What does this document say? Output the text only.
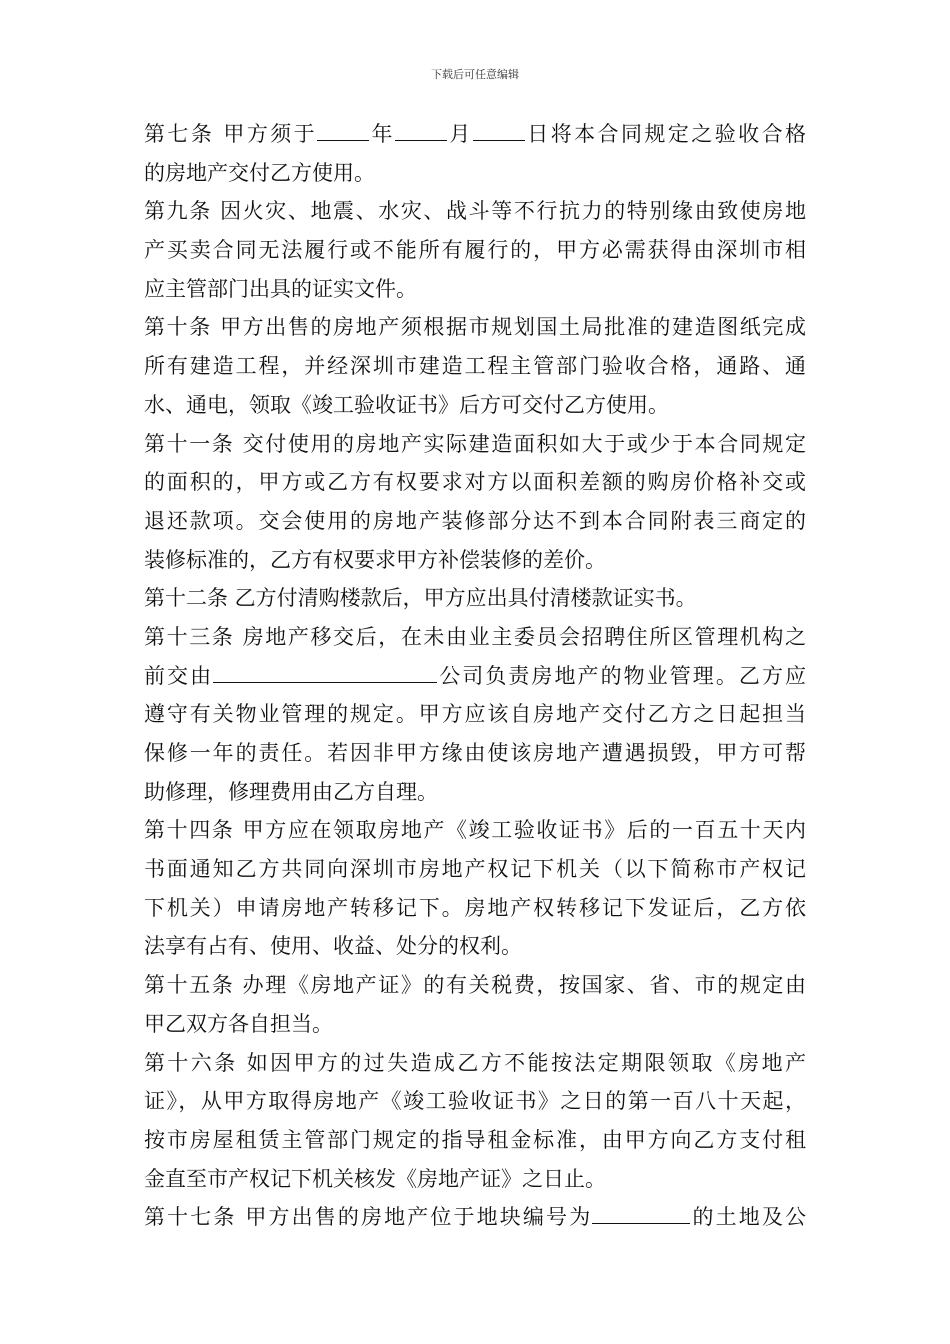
下载后可任意编辑
第七条 甲方须于 年 月 日将本合同规定之验收合格
的房地产交付乙方使用。
第九条 因火灾、地震、水灾、战斗等不行抗力的特别缘由致使房地
产买卖合同无法履行或不能所有履行的，甲方必需获得由深圳市相
应主管部门出具的证实文件。
第十条 甲方出售的房地产须根据市规划国土局批准的建造图纸完成
所有建造工程，并经深圳市建造工程主管部门验收合格，通路、通
水、通电，领取《竣工验收证书》后方可交付乙方使用。
第十一条 交付使用的房地产实际建造面积如大于或少于本合同规定
的面积的，甲方或乙方有权要求对方以面积差额的购房价格补交或
退还款项。交会使用的房地产装修部分达不到本合同附表三商定的
装修标准的，乙方有权要求甲方补偿装修的差价。
第十二条 乙方付清购楼款后，甲方应出具付清楼款证实书。
第十三条 房地产移交后，在未由业主委员会招聘住所区管理机构之
前交由	公司负责房地产的物业管理。乙方应
遵守有关物业管理的规定。甲方应该自房地产交付乙方之日起担当
保修一年的责任。若因非甲方缘由使该房地产遭遇损毁，甲方可帮
助修理，修理费用由乙方自理。
第十四条 甲方应在领取房地产《竣工验收证书》后的一百五十天内
书面通知乙方共同向深圳市房地产权记下机关（以下简称市产权记
下机关）申请房地产转移记下。房地产权转移记下发证后，乙方依
法享有占有、使用、收益、处分的权利。
第十五条 办理《房地产证》的有关税费，按国家、省、市的规定由
甲乙双方各自担当。
第十六条 如因甲方的过失造成乙方不能按法定期限领取《房地产
证》，从甲方取得房地产《竣工验收证书》之日的第一百八十天起，
按市房屋租赁主管部门规定的指导租金标准，由甲方向乙方支付租
金直至市产权记下机关核发《房地产证》之日止。
第十七条 甲方出售的房地产位于地块编号为	的土地及公
